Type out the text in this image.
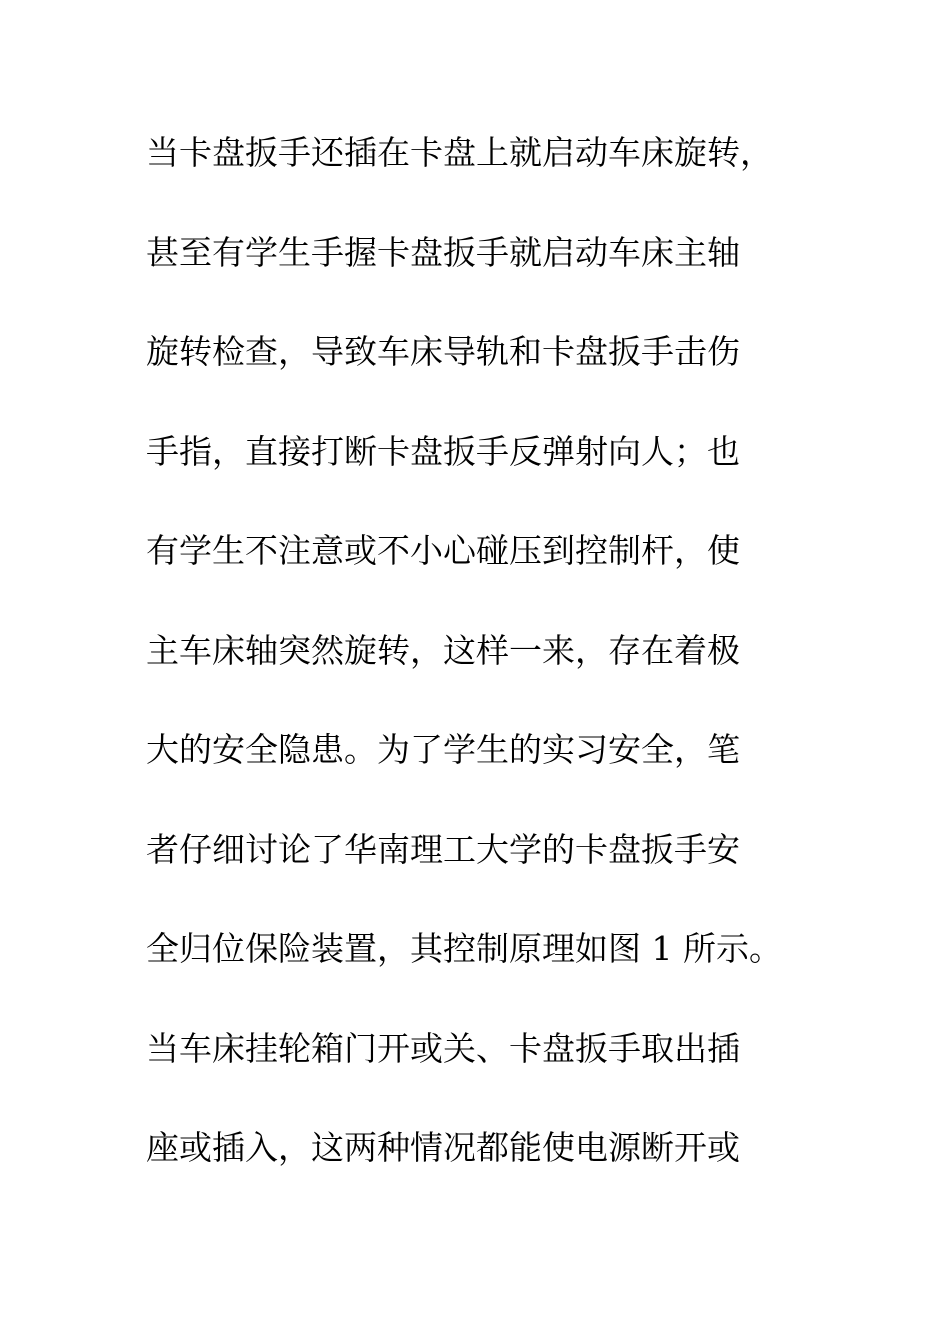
当卡盘扳手还插在卡盘上就启动车床旋转，
甚至有学生手握卡盘扳手就启动车床主轴
旋转检查，导致车床导轨和卡盘扳手击伤
手指，直接打断卡盘扳手反弹射向人；也
有学生不注意或不小心碰压到控制杆，使
主车床轴突然旋转，这样一来，存在着极
大的安全隐患。为了学生的实习安全，笔
者仔细讨论了华南理工大学的卡盘扳手安
全归位保险装置，其控制原理如图 1 所示。
当车床挂轮箱门开或关、卡盘扳手取出插
座或插入，这两种情况都能使电源断开或
